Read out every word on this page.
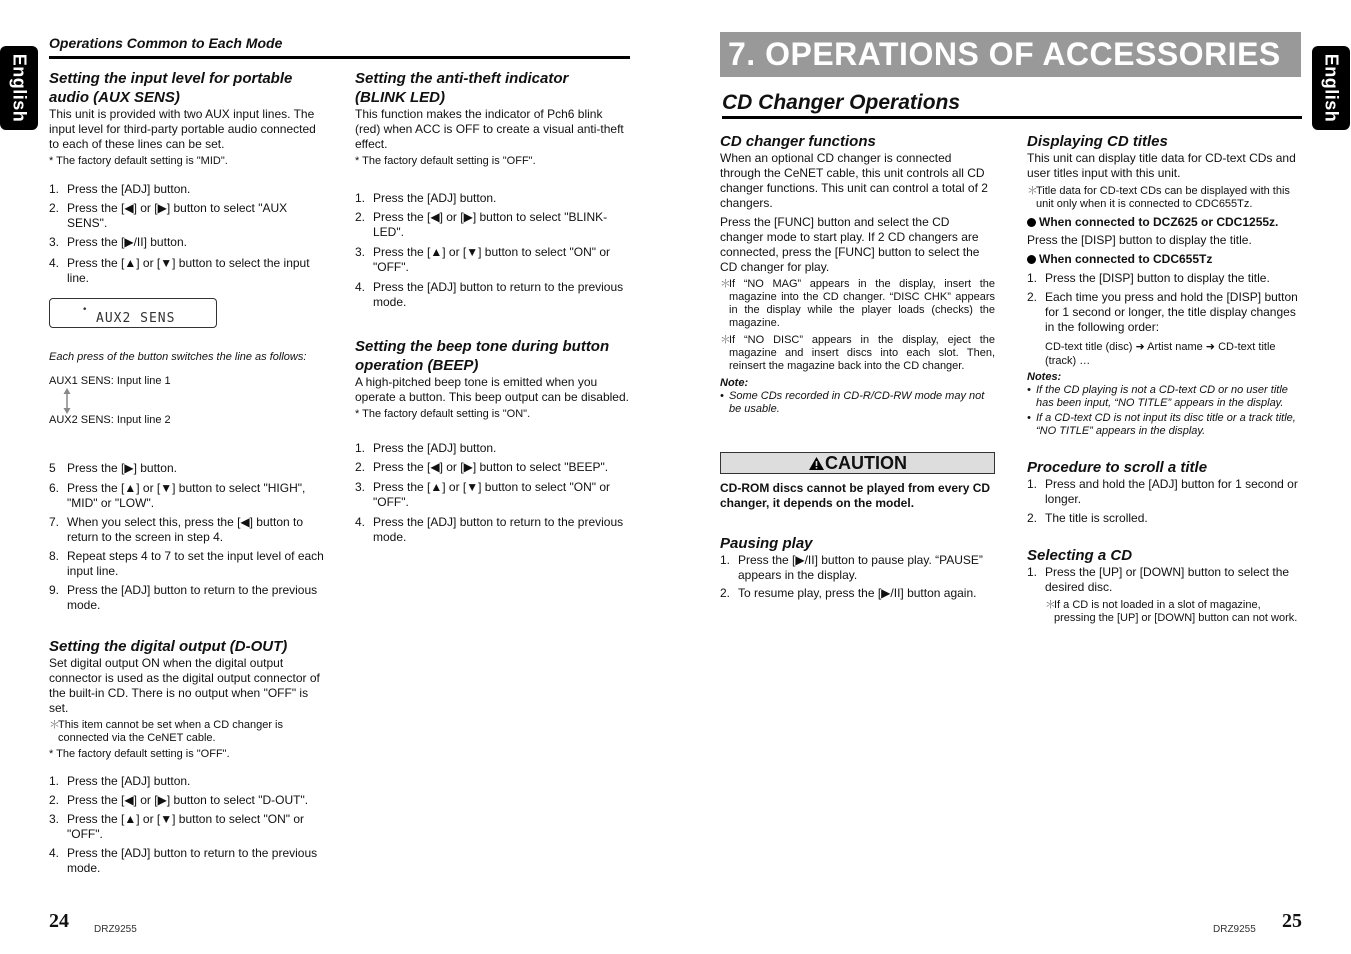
English	English
Operations Common to Each Mode	7. OPERATIONS OF ACCESSORIES
CD Changer Operations
Setting the input level for portable
audio (AUX SENS)

This unit is provided with two AUX input lines. The input level for third-party portable audio connected to each of these lines can be set.

* The factory default setting is "MID".

1. Press the [ADJ] button.
2. Press the [◀] or [▶] button to select "AUX SENS".
3. Press the [▶/II] button.
4. Press the [▲] or [▼] button to select the input line.
•
AUX2 SENS

Each press of the button switches the line as follows:

AUX1 SENS: Input line 1

AUX2 SENS: Input line 2

5 Press the [▶] button.
6. Press the [▲] or [▼] button to select "HIGH", "MID" or "LOW".
7. When you select this, press the [◀] button to return to the screen in step 4.
8. Repeat steps 4 to 7 to set the input level of each input line.
9. Press the [ADJ] button to return to the previous mode.
Setting the digital output (D-OUT)

Set digital output ON when the digital output connector is used as the digital output connector of the built-in CD. There is no output when "OFF" is set.

＊
This item cannot be set when a CD changer is connected via the CeNET cable.

* The factory default setting is "OFF".

1. Press the [ADJ] button.
2. Press the [◀] or [▶] button to select "D-OUT".
3. Press the [▲] or [▼] button to select "ON" or "OFF".
4. Press the [ADJ] button to return to the previous mode.
Setting the anti-theft indicator
(BLINK LED)

This function makes the indicator of Pch6 blink (red) when ACC is OFF to create a visual anti-theft effect.

* The factory default setting is "OFF".

1. Press the [ADJ] button.
2. Press the [◀] or [▶] button to select "BLINK-LED".
3. Press the [▲] or [▼] button to select "ON" or "OFF".
4. Press the [ADJ] button to return to the previous mode.
Setting the beep tone during button
operation (BEEP)

A high-pitched beep tone is emitted when you operate a button. This beep output can be disabled.

* The factory default setting is "ON".

1. Press the [ADJ] button.
2. Press the [◀] or [▶] button to select "BEEP".
3. Press the [▲] or [▼] button to select "ON" or "OFF".
4. Press the [ADJ] button to return to the previous mode.
CD changer functions

When an optional CD changer is connected through the CeNET cable, this unit controls all CD changer functions. This unit can control a total of 2 changers.

Press the [FUNC] button and select the CD changer mode to start play. If 2 CD changers are connected, press the [FUNC] button to select the CD changer for play.

＊
If “NO MAG” appears in the display, insert the magazine into the CD changer. “DISC CHK” appears in the display while the player loads (checks) the magazine.
＊
If “NO DISC” appears in the display, eject the magazine and insert discs into each slot. Then, reinsert the magazine back into the CD changer.

Note:

• Some CDs recorded in CD-R/CD-RW mode may not be usable.
CAUTION

CD-ROM discs cannot be played from every CD changer, it depends on the model.

Pausing play
1. Press the [▶/II] button to pause play. “PAUSE” appears in the display.
2. To resume play, press the [▶/II] button again.
Displaying CD titles

This unit can display title data for CD-text CDs and user titles input with this unit.

＊
Title data for CD-text CDs can be displayed with this unit only when it is connected to CDC655Tz.

When connected to DCZ625 or CDC1255z.

Press the [DISP] button to display the title.

When connected to CDC655Tz

1. Press the [DISP] button to display the title.
2. Each time you press and hold the [DISP] button for 1 second or longer, the title display changes in the following order:

CD-text title (disc) ➜ Artist name ➜ CD-text title (track) …

Notes:

• If the CD playing is not a CD-text CD or no user title has been input, “NO TITLE” appears in the display.
• If a CD-text CD is not input its disc title or a track title, “NO TITLE” appears in the display.
Procedure to scroll a title
1. Press and hold the [ADJ] button for 1 second or longer.
2. The title is scrolled.
Selecting a CD
1. Press the [UP] or [DOWN] button to select the desired disc.
＊
If a CD is not loaded in a slot of magazine, pressing the [UP] or [DOWN] button can not work.
24	DRZ9255	DRZ9255 25
